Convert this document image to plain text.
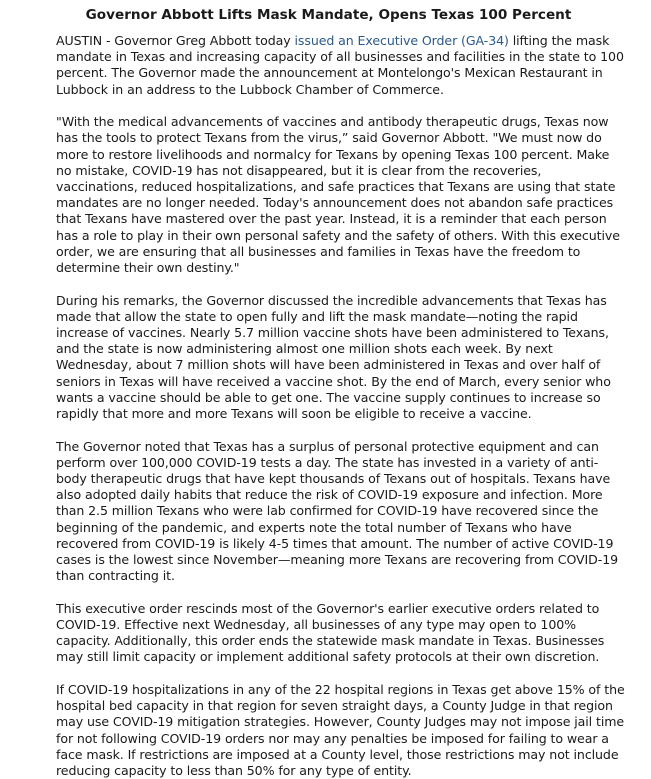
Governor Abbott Lifts Mask Mandate, Opens Texas 100 Percent

AUSTIN - Governor Greg Abbott today issued an Executive Order (GA-34) lifting the mask mandate in Texas and increasing capacity of all businesses and facilities in the state to 100 percent. The Governor made the announcement at Montelongo's Mexican Restaurant in Lubbock in an address to the Lubbock Chamber of Commerce.

"With the medical advancements of vaccines and antibody therapeutic drugs, Texas now has the tools to protect Texans from the virus,” said Governor Abbott. "We must now do more to restore livelihoods and normalcy for Texans by opening Texas 100 percent. Make no mistake, COVID-19 has not disappeared, but it is clear from the recoveries, vaccinations, reduced hospitalizations, and safe practices that Texans are using that state mandates are no longer needed. Today's announcement does not abandon safe practices that Texans have mastered over the past year. Instead, it is a reminder that each person has a role to play in their own personal safety and the safety of others. With this executive order, we are ensuring that all businesses and families in Texas have the freedom to determine their own destiny."

During his remarks, the Governor discussed the incredible advancements that Texas has made that allow the state to open fully and lift the mask mandate—noting the rapid increase of vaccines. Nearly 5.7 million vaccine shots have been administered to Texans, and the state is now administering almost one million shots each week. By next Wednesday, about 7 million shots will have been administered in Texas and over half of seniors in Texas will have received a vaccine shot. By the end of March, every senior who wants a vaccine should be able to get one. The vaccine supply continues to increase so rapidly that more and more Texans will soon be eligible to receive a vaccine.

The Governor noted that Texas has a surplus of personal protective equipment and can perform over 100,000 COVID-19 tests a day. The state has invested in a variety of anti-body therapeutic drugs that have kept thousands of Texans out of hospitals. Texans have also adopted daily habits that reduce the risk of COVID-19 exposure and infection. More than 2.5 million Texans who were lab confirmed for COVID-19 have recovered since the beginning of the pandemic, and experts note the total number of Texans who have recovered from COVID-19 is likely 4-5 times that amount. The number of active COVID-19 cases is the lowest since November—meaning more Texans are recovering from COVID-19 than contracting it.

This executive order rescinds most of the Governor's earlier executive orders related to COVID-19. Effective next Wednesday, all businesses of any type may open to 100% capacity. Additionally, this order ends the statewide mask mandate in Texas. Businesses may still limit capacity or implement additional safety protocols at their own discretion.

If COVID-19 hospitalizations in any of the 22 hospital regions in Texas get above 15% of the hospital bed capacity in that region for seven straight days, a County Judge in that region may use COVID-19 mitigation strategies. However, County Judges may not impose jail time for not following COVID-19 orders nor may any penalties be imposed for failing to wear a face mask. If restrictions are imposed at a County level, those restrictions may not include reducing capacity to less than 50% for any type of entity.
